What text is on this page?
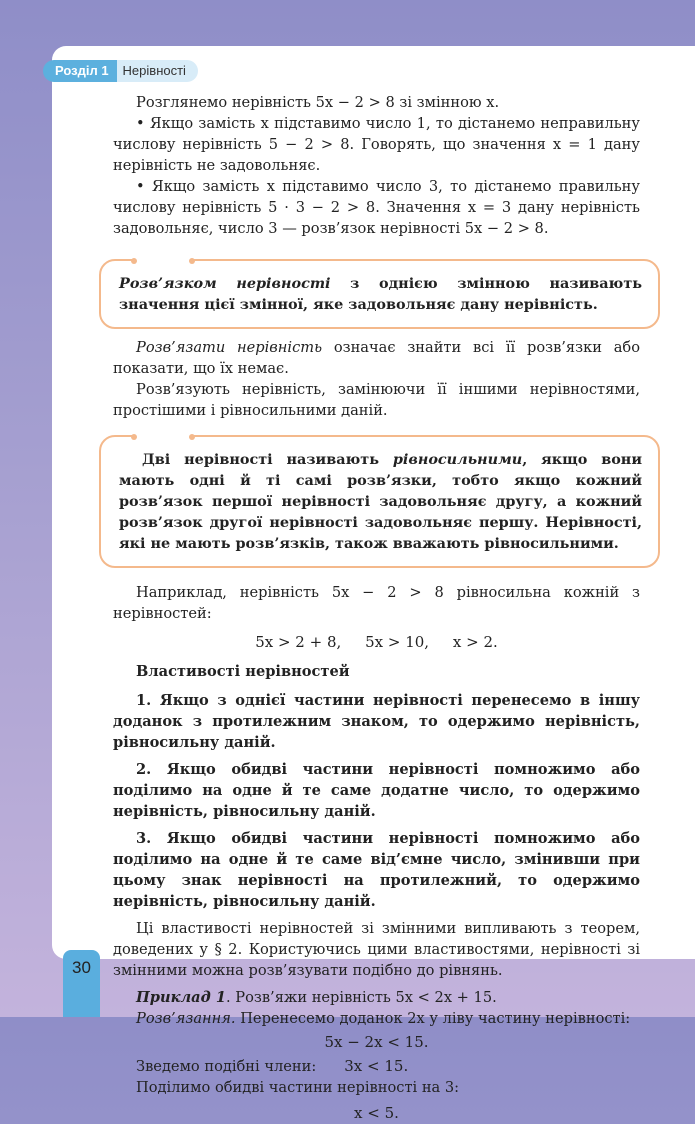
Розділ 1	Нерівності

Розглянемо нерівність 5x − 2 > 8 зі змінною x.

• Якщо замість x підставимо число 1, то дістанемо неправильну числову нерівність 5 − 2 > 8. Говорять, що значення x = 1 дану нерівність не задовольняє.

• Якщо замість x підставимо число 3, то дістанемо правильну числову нерівність 5 · 3 − 2 > 8. Значення x = 3 дану нерівність задовольняє, число 3 — розв’язок нерівності 5x − 2 > 8.

Розв’язком нерівності з однією змінною називають значення цієї змінної, яке задовольняє дану нерівність.

Розв’язати нерівність означає знайти всі її розв’язки або показати, що їх немає.

Розв’язують нерівність, замінюючи її іншими нерівностями, простішими і рівносильними даній.

Дві нерівності називають рівносильними, якщо вони мають одні й ті самі розв’язки, тобто якщо кожний розв’язок першої нерівності задовольняє другу, а кожний розв’язок другої нерівності задовольняє першу. Нерівності, які не мають розв’язків, також вважають рівносильними.

Наприклад, нерівність 5x − 2 > 8 рівносильна кожній з нерівностей:

5x > 2 + 8,     5x > 10,     x > 2.

Властивості нерівностей

1. Якщо з однієї частини нерівності перенесемо в іншу доданок з протилежним знаком, то одержимо нерівність, рівносильну даній.

2. Якщо обидві частини нерівності помножимо або поділимо на одне й те саме додатне число, то одержимо нерівність, рівносильну даній.

3. Якщо обидві частини нерівності помножимо або поділимо на одне й те саме від’ємне число, змінивши при цьому знак нерівності на протилежний, то одержимо нерівність, рівносильну даній.

Ці властивості нерівностей зі змінними випливають з теорем, доведених у § 2. Користуючись цими властивостями, нерівності зі змінними можна розв’язувати подібно до рівнянь.

Приклад 1. Розв’яжи нерівність 5x < 2x + 15.

Розв’язання. Перенесемо доданок 2x у ліву частину нерівності:

5x − 2x < 15.

Зведемо подібні члени: 3x < 15.

Поділимо обидві частини нерівності на 3:

x < 5.

30
